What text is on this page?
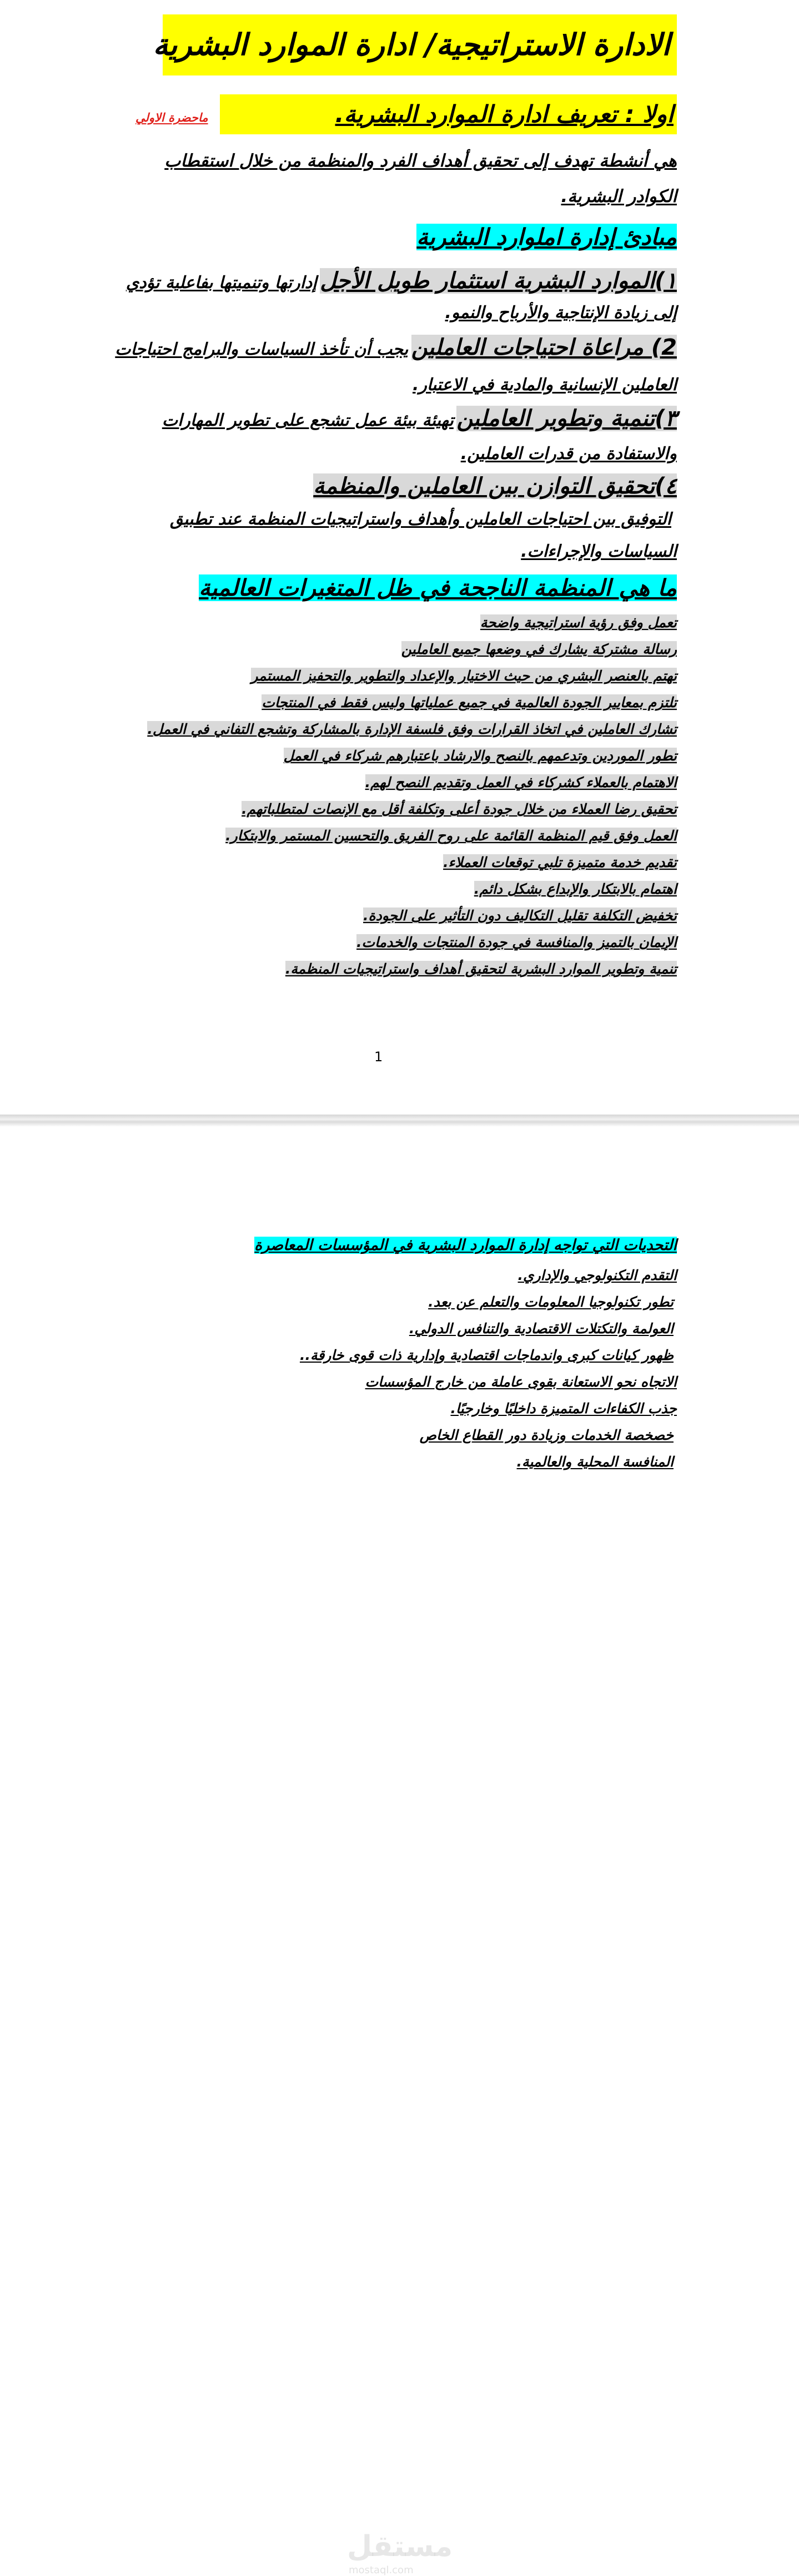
الادارة الاستراتيجية/ ادارة الموارد البشرية
اولا : تعريف ادارة الموارد البشرية.
ماحضرة الاولي
هي أنشطة تهدف إلى تحقيق أهداف الفرد والمنظمة من خلال استقطاب
الكوادر البشرية.
مبادئ إدارة املوارد البشرية
١)الموارد البشرية استثمار طويل الأجل إدارتها وتنميتها بفاعلية تؤدي
إلى زيادة الإنتاجية والأرباح والنمو.
2) مراعاة احتياجات العاملين يجب أن تأخذ السياسات والبرامج احتياجات
العاملين الإنسانية والمادية في الاعتبار.
٣)تنمية وتطوير العاملين تهيئة بيئة عمل تشجع على تطوير المهارات
والاستفادة من قدرات العاملين.
٤)تحقيق التوازن بين العاملين والمنظمة
التوفيق بين احتياجات العاملين وأهداف واستراتيجيات المنظمة عند تطبيق
السياسات والإجراءات.
ما هي المنظمة الناجحة في ظل المتغيرات العالمية
تعمل وفق رؤية استراتيجية واضحة
رسالة مشتركة يشارك في وضعها جميع العاملين
تهتم بالعنصر البشري من حيث الاختيار والإعداد والتطوير والتحفيز المستمر
تلتزم بمعايير الجودة العالمية في جميع عملياتها وليس فقط في المنتجات
تشارك العاملين في اتخاذ القرارات وفق فلسفة الإدارة بالمشاركة وتشجع التفاني في العمل.
تطور الموردين وتدعمهم بالنصح والارشاد باعتبارهم شركاء في العمل
الاهتمام بالعملاء كشركاء في العمل وتقديم النصح لهم.
تحقيق رضا العملاء من خلال جودة أعلى وتكلفة أقل مع الإنصات لمتطلباتهم.
العمل وفق قيم المنظمة القائمة على روح الفريق والتحسين المستمر والابتكار.
تقديم خدمة متميزة تلبي توقعات العملاء.
اهتمام بالابتكار والإبداع بشكل دائم.
تخفيض التكلفة تقليل التكاليف دون التأثير على الجودة.
الإيمان بالتميز والمنافسة في جودة المنتجات والخدمات.
تنمية وتطوير الموارد البشرية لتحقيق أهداف واستراتيجيات المنظمة.
1
التحديات التي تواجه إدارة الموارد البشرية في المؤسسات المعاصرة
التقدم التكنولوجي والإداري.
تطور تكنولوجيا المعلومات والتعلم عن بعد.
العولمة والتكتلات الاقتصادية والتنافس الدولي.
ظهور كيانات كبرى واندماجات اقتصادية وإدارية ذات قوى خارقة..
الاتجاه نحو الاستعانة بقوى عاملة من خارج المؤسسات
جذب الكفاءات المتميزة داخليًا وخارجيًا.
خصخصة الخدمات وزيادة دور القطاع الخاص
المنافسة المحلية والعالمية.
مستقل
mostaql.com
